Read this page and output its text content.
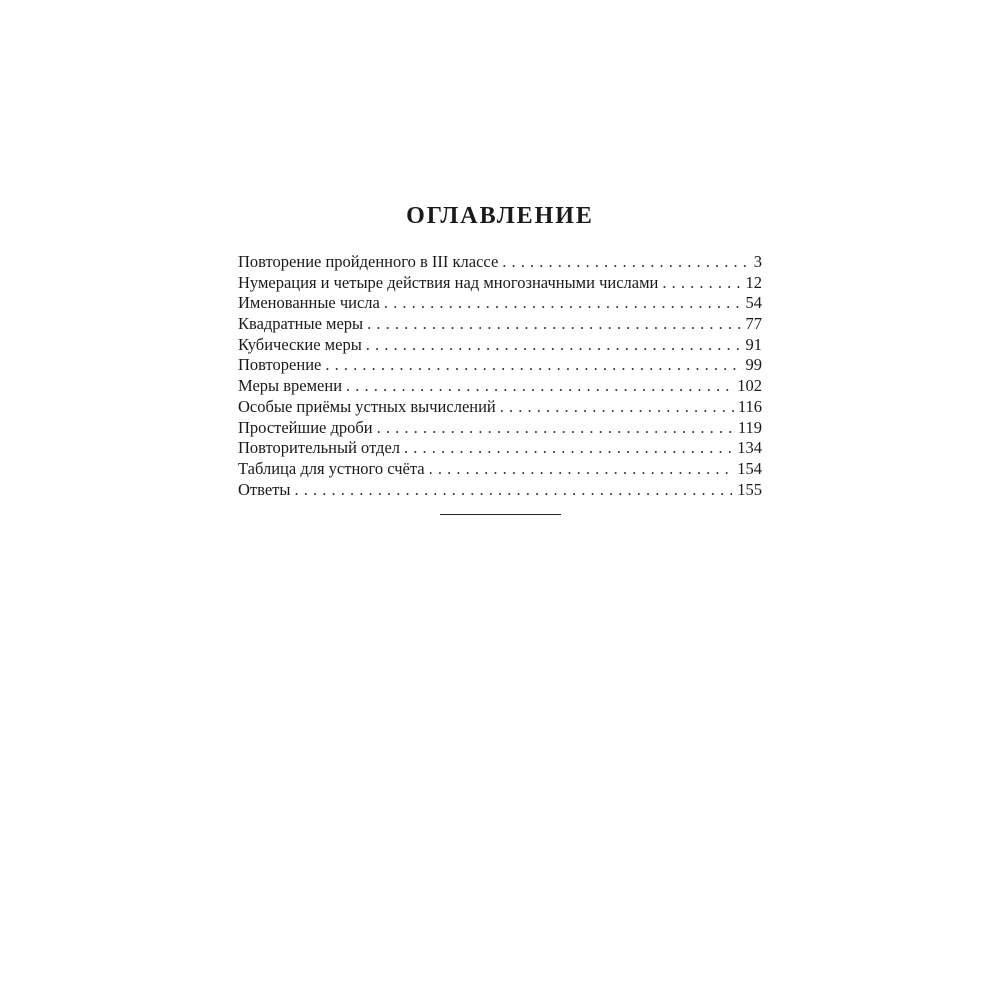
ОГЛАВЛЕНИЕ
Повторение пройденного в III классе . . .	3
Нумерация и четыре действия над многозначными числами . . .	12
Именованные числа . . .	54
Квадратные меры . . .	77
Кубические меры . . .	91
Повторение . . .	99
Меры времени . . .	102
Особые приёмы устных вычислений . . .	116
Простейшие дроби . . .	119
Повторительный отдел . . .	134
Таблица для устного счёта . . .	154
Ответы . . .	155
